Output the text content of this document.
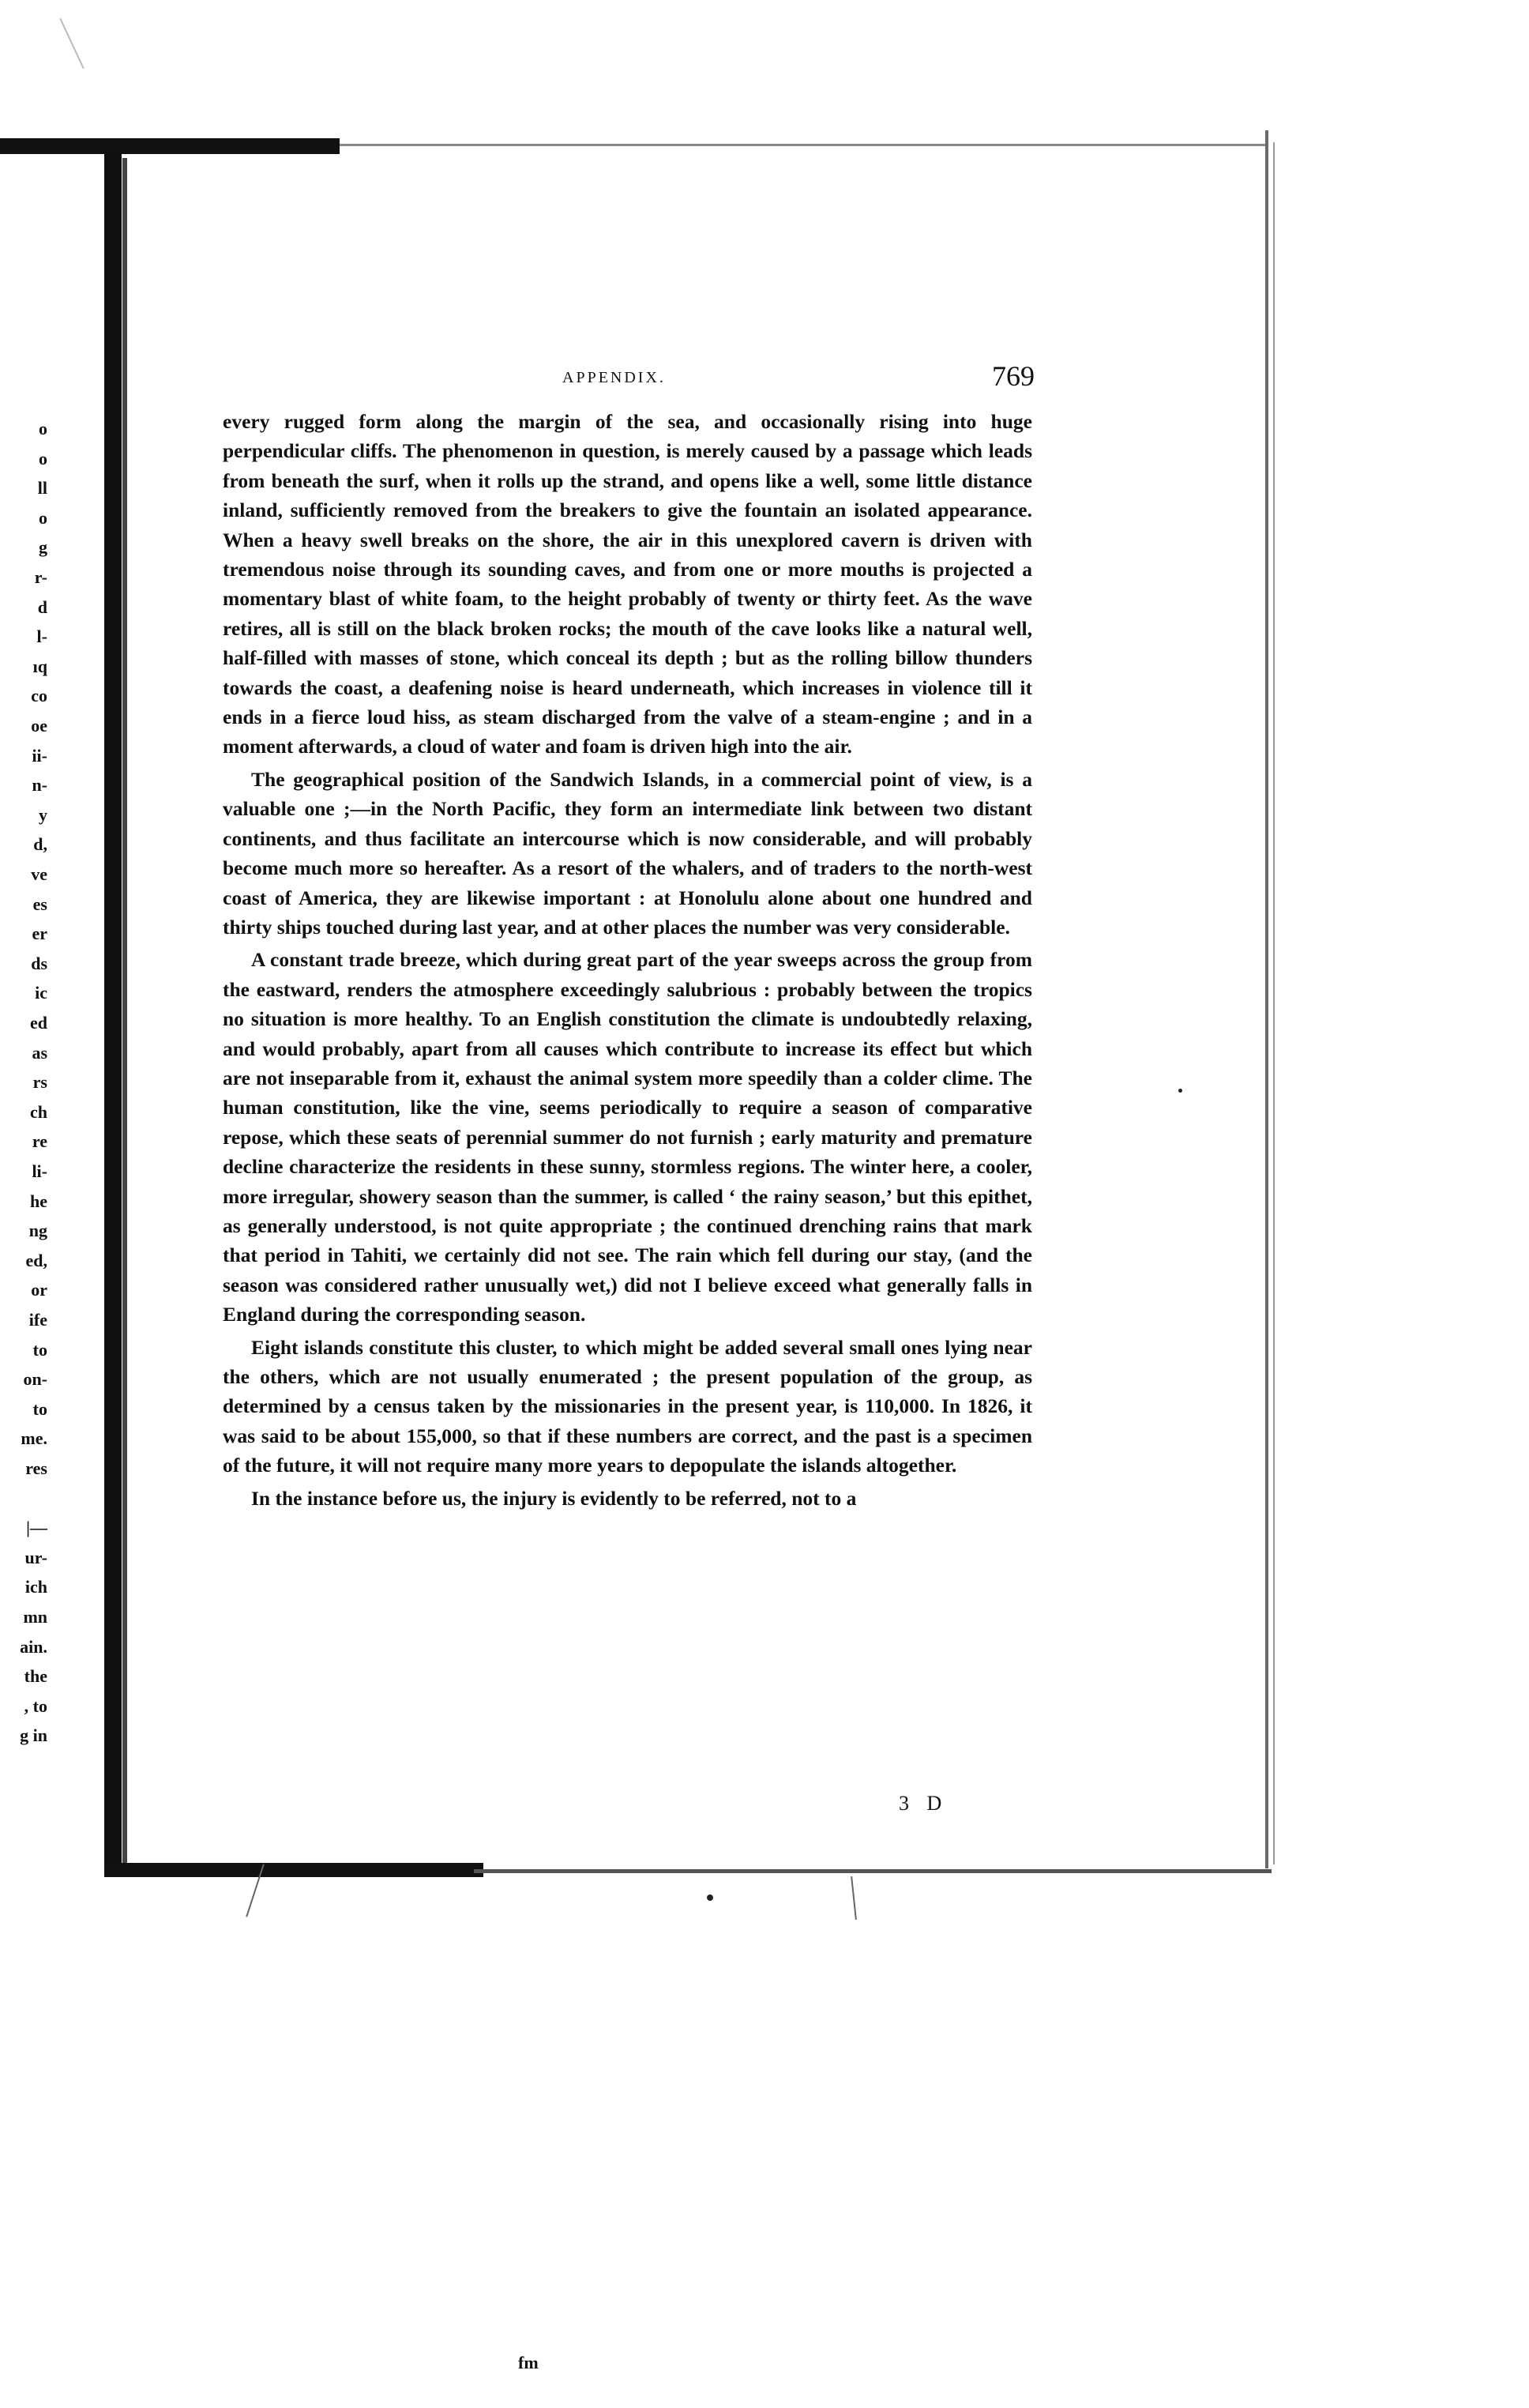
o
o
ll
o
g
r-
d
l-
ıq
co
oe
ii-
n-
y
d,
ve
es
er
ds
ic
ed
as
rs
ch
re
li-
he
ng
ed,
or
ife
to
on-
to
me.
res
|—
ur-
ich
mn
ain.
the
, to
g in
APPENDIX.	769

every rugged form along the margin of the sea, and occasionally rising into huge perpendicular cliffs. The phenomenon in question, is merely caused by a passage which leads from beneath the surf, when it rolls up the strand, and opens like a well, some little distance inland, sufficiently removed from the breakers to give the fountain an isolated appearance. When a heavy swell breaks on the shore, the air in this unexplored cavern is driven with tremendous noise through its sounding caves, and from one or more mouths is projected a momentary blast of white foam, to the height probably of twenty or thirty feet. As the wave retires, all is still on the black broken rocks; the mouth of the cave looks like a natural well, half-filled with masses of stone, which conceal its depth ; but as the rolling billow thunders towards the coast, a deafening noise is heard underneath, which increases in violence till it ends in a fierce loud hiss, as steam discharged from the valve of a steam-engine ; and in a moment afterwards, a cloud of water and foam is driven high into the air.

The geographical position of the Sandwich Islands, in a commercial point of view, is a valuable one ;—in the North Pacific, they form an intermediate link between two distant continents, and thus facilitate an intercourse which is now considerable, and will probably become much more so hereafter. As a resort of the whalers, and of traders to the north-west coast of America, they are likewise important : at Honolulu alone about one hundred and thirty ships touched during last year, and at other places the number was very considerable.

A constant trade breeze, which during great part of the year sweeps across the group from the eastward, renders the atmosphere exceedingly salubrious : probably between the tropics no situation is more healthy. To an English constitution the climate is undoubtedly relaxing, and would probably, apart from all causes which contribute to increase its effect but which are not inseparable from it, exhaust the animal system more speedily than a colder clime. The human constitution, like the vine, seems periodically to require a season of comparative repose, which these seats of perennial summer do not furnish ; early maturity and premature decline characterize the residents in these sunny, stormless regions. The winter here, a cooler, more irregular, showery season than the summer, is called ‘ the rainy season,’ but this epithet, as generally understood, is not quite appropriate ; the continued drenching rains that mark that period in Tahiti, we certainly did not see. The rain which fell during our stay, (and the season was considered rather unusually wet,) did not I believe exceed what generally falls in England during the corresponding season.

Eight islands constitute this cluster, to which might be added several small ones lying near the others, which are not usually enumerated ; the present population of the group, as determined by a census taken by the missionaries in the present year, is 110,000. In 1826, it was said to be about 155,000, so that if these numbers are correct, and the past is a specimen of the future, it will not require many more years to depopulate the islands altogether.

In the instance before us, the injury is evidently to be referred, not to a

3 D
fm
